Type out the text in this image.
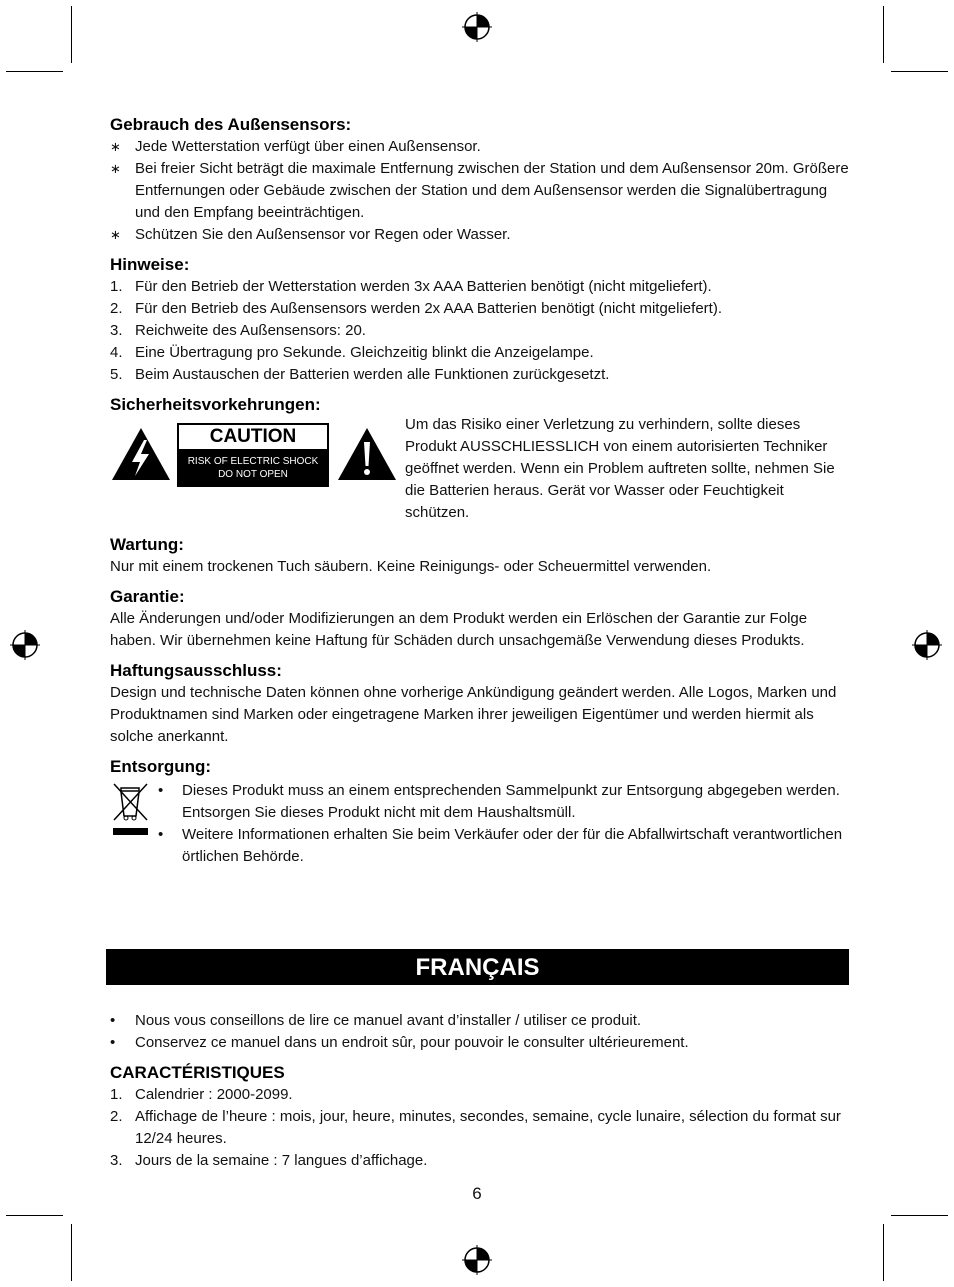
Gebrauch des Außensensors:
∗ Jede Wetterstation verfügt über einen Außensensor.
∗ Bei freier Sicht beträgt die maximale Entfernung zwischen der Station und dem Außensensor 20m. Größere Entfernungen oder Gebäude zwischen der Station und dem Außensensor werden die Signalübertragung und den Empfang beeinträchtigen.
∗ Schützen Sie den Außensensor vor Regen oder Wasser.
Hinweise:
Für den Betrieb der Wetterstation werden 3x AAA Batterien benötigt (nicht mitgeliefert).
Für den Betrieb des Außensensors werden 2x AAA Batterien benötigt (nicht mitgeliefert).
Reichweite des Außensensors: 20.
Eine Übertragung pro Sekunde. Gleichzeitig blinkt die Anzeigelampe.
Beim Austauschen der Batterien werden alle Funktionen zurückgesetzt.
Sicherheitsvorkehrungen:
CAUTION
RISK OF ELECTRIC SHOCK
DO NOT OPEN

Um das Risiko einer Verletzung zu verhindern, sollte dieses Produkt AUSSCHLIESSLICH von einem autorisierten Techniker geöffnet werden. Wenn ein Problem auftreten sollte, nehmen Sie die Batterien heraus. Gerät vor Wasser oder Feuchtigkeit schützen.

Wartung:

Nur mit einem trockenen Tuch säubern. Keine Reinigungs- oder Scheuermittel verwenden.

Garantie:

Alle Änderungen und/oder Modifizierungen an dem Produkt werden ein Erlöschen der Garantie zur Folge haben. Wir übernehmen keine Haftung für Schäden durch unsachgemäße Verwendung dieses Produkts.

Haftungsausschluss:

Design und technische Daten können ohne vorherige Ankündigung geändert werden. Alle Logos, Marken und Produktnamen sind Marken oder eingetragene Marken ihrer jeweiligen Eigentümer und werden hiermit als solche anerkannt.

Entsorgung:
• Dieses Produkt muss an einem entsprechenden Sammelpunkt zur Entsorgung abgegeben werden. Entsorgen Sie dieses Produkt nicht mit dem Haushaltsmüll.
• Weitere Informationen erhalten Sie beim Verkäufer oder der für die Abfallwirtschaft verantwortlichen örtlichen Behörde.
FRANÇAIS
• Nous vous conseillons de lire ce manuel avant d’installer / utiliser ce produit.
• Conservez ce manuel dans un endroit sûr, pour pouvoir le consulter ultérieurement.
CARACTÉRISTIQUES
Calendrier : 2000-2099.
Affichage de l’heure : mois, jour, heure, minutes, secondes, semaine, cycle lunaire, sélection du format sur 12/24 heures.
Jours de la semaine : 7 langues d’affichage.
6
